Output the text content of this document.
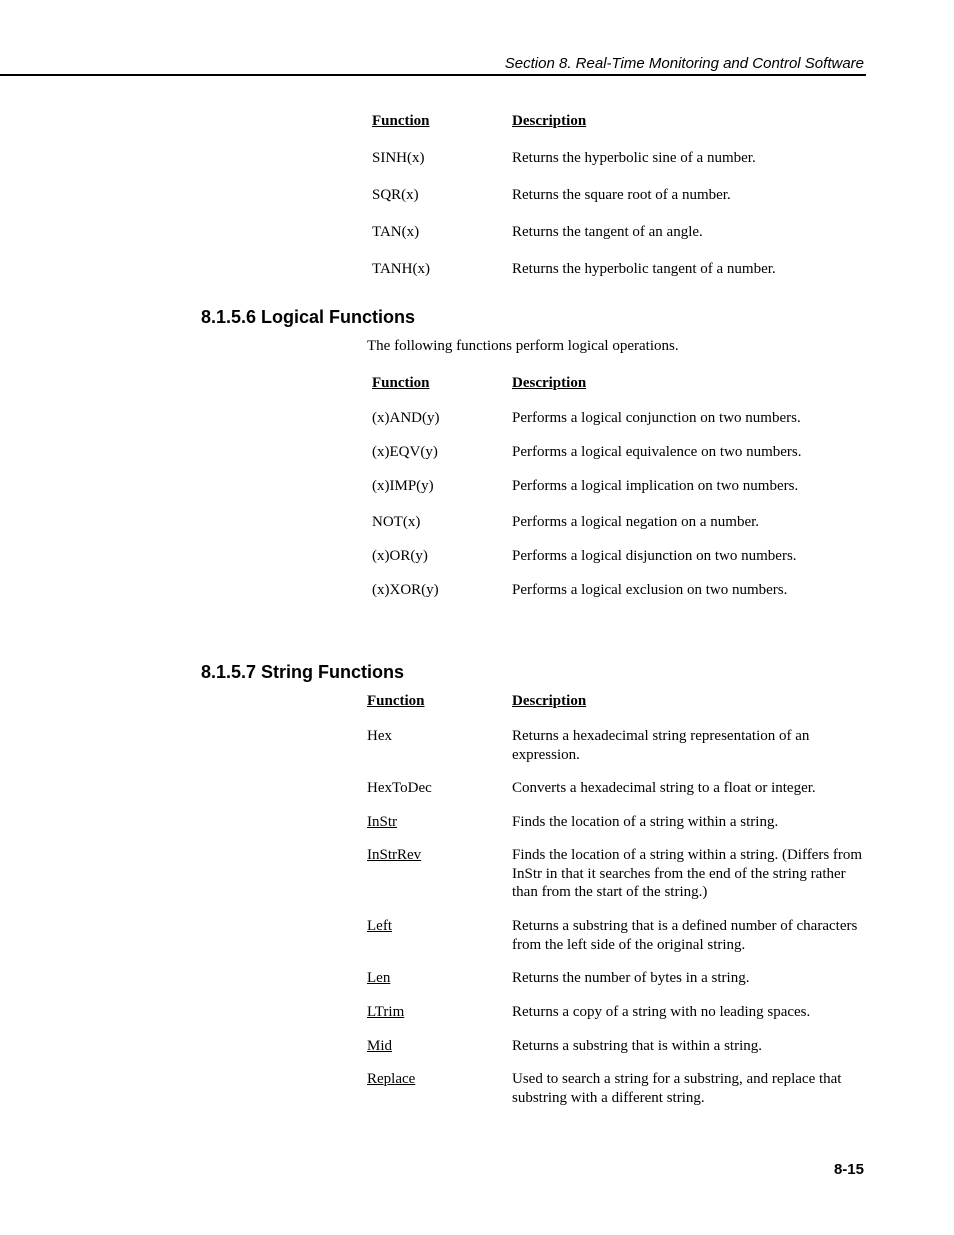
Section 8. Real-Time Monitoring and Control Software
Function	Description
SINH(x)	Returns the hyperbolic sine of a number.
SQR(x)	Returns the square root of a number.
TAN(x)	Returns the tangent of an angle.
TANH(x)	Returns the hyperbolic tangent of a number.
8.1.5.6 Logical Functions
The following functions perform logical operations.
Function	Description
(x)AND(y)	Performs a logical conjunction on two numbers.
(x)EQV(y)	Performs a logical equivalence on two numbers.
(x)IMP(y)	Performs a logical implication on two numbers.
NOT(x)	Performs a logical negation on a number.
(x)OR(y)	Performs a logical disjunction on two numbers.
(x)XOR(y)	Performs a logical exclusion on two numbers.
8.1.5.7 String Functions
Function	Description
Hex	Returns a hexadecimal string representation of an expression.
HexToDec	Converts a hexadecimal string to a float or integer.
InStr	Finds the location of a string within a string.
InStrRev	Finds the location of a string within a string. (Differs from InStr in that it searches from the end of the string rather than from the start of the string.)
Left	Returns a substring that is a defined number of characters from the left side of the original string.
Len	Returns the number of bytes in a string.
LTrim	Returns a copy of a string with no leading spaces.
Mid	Returns a substring that is within a string.
Replace	Used to search a string for a substring, and replace that substring with a different string.
8-15
